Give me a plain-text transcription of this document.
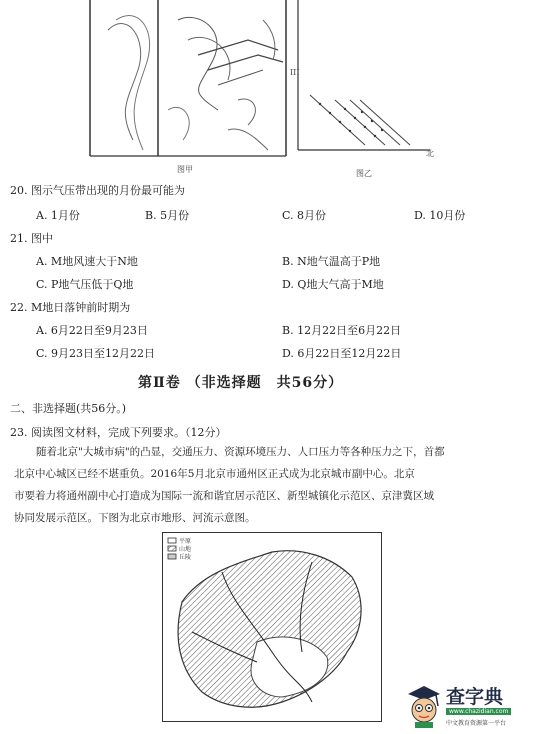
图甲
III
北
图乙
20. 图示气压带出现的月份最可能为
A. 1月份	B. 5月份	C. 8月份	D. 10月份
21. 图中
A. M地风速大于N地	B. N地气温高于P地
C. P地气压低于Q地	D. Q地大气高于M地
22. M地日落钟前时期为
A. 6月22日至9月23日	B. 12月22日至6月22日
C. 9月23日至12月22日	D. 6月22日至12月22日
第Ⅱ卷 （非选择题　共56分）
二、非选择题(共56分。)
23. 阅读图文材料，完成下列要求。（12分）
随着北京"大城市病"的凸显，交通压力、资源环境压力、人口压力等各种压力之下，首都
北京中心城区已经不堪重负。2016年5月北京市通州区正式成为北京城市副中心。北京
市要着力将通州副中心打造成为国际一流和谐宜居示范区、新型城镇化示范区、京津冀区域
协同发展示范区。下图为北京市地形、河流示意图。
平原
山地
丘陵
查字典
www.chazidian.com
中文教育资源第一平台
